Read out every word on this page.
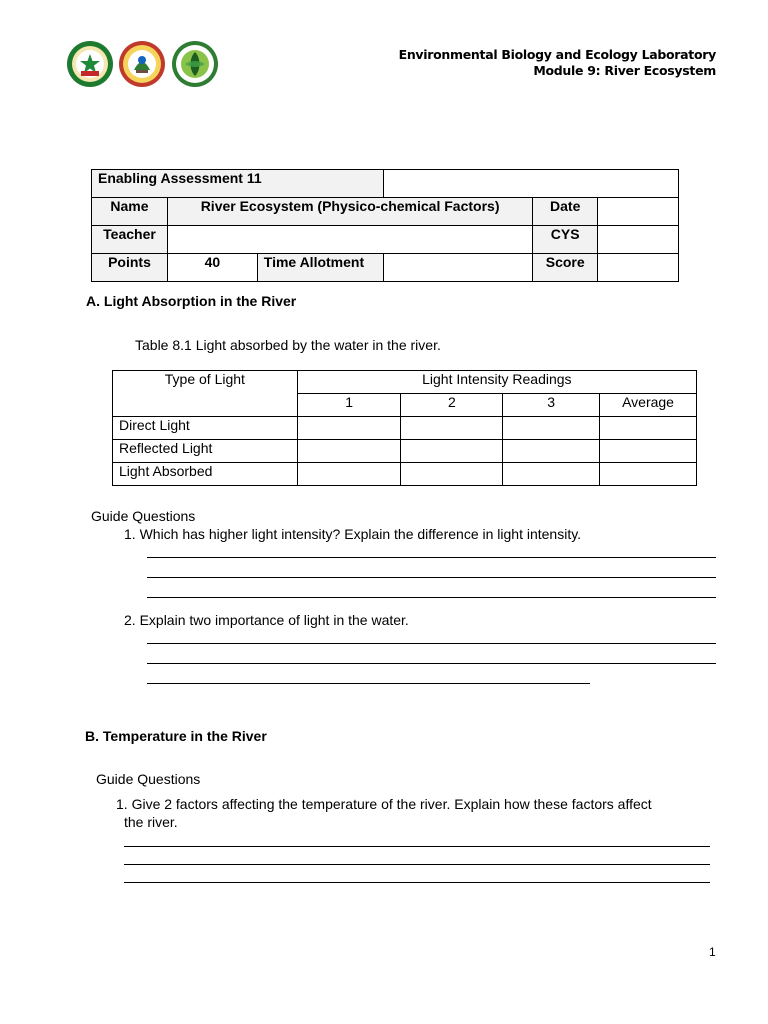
Environmental Biology and Ecology Laboratory
Module 9: River Ecosystem
Enabling Assessment 11					
Name	River Ecosystem (Physico-chemical Factors)			Date	
Teacher				CYS	
Points	40	Time Allotment		Score	
A. Light Absorption in the River
Table 8.1 Light absorbed by the water in the river.
Type of Light	Light Intensity Readings			
	1	2	3	Average
Direct Light				
Reflected Light				
Light Absorbed				
Guide Questions
1. Which has higher light intensity? Explain the difference in light intensity.
2. Explain two importance of light in the water.
B. Temperature in the River
Guide Questions
1. Give 2 factors affecting the temperature of the river. Explain how these factors affect
the river.
1
